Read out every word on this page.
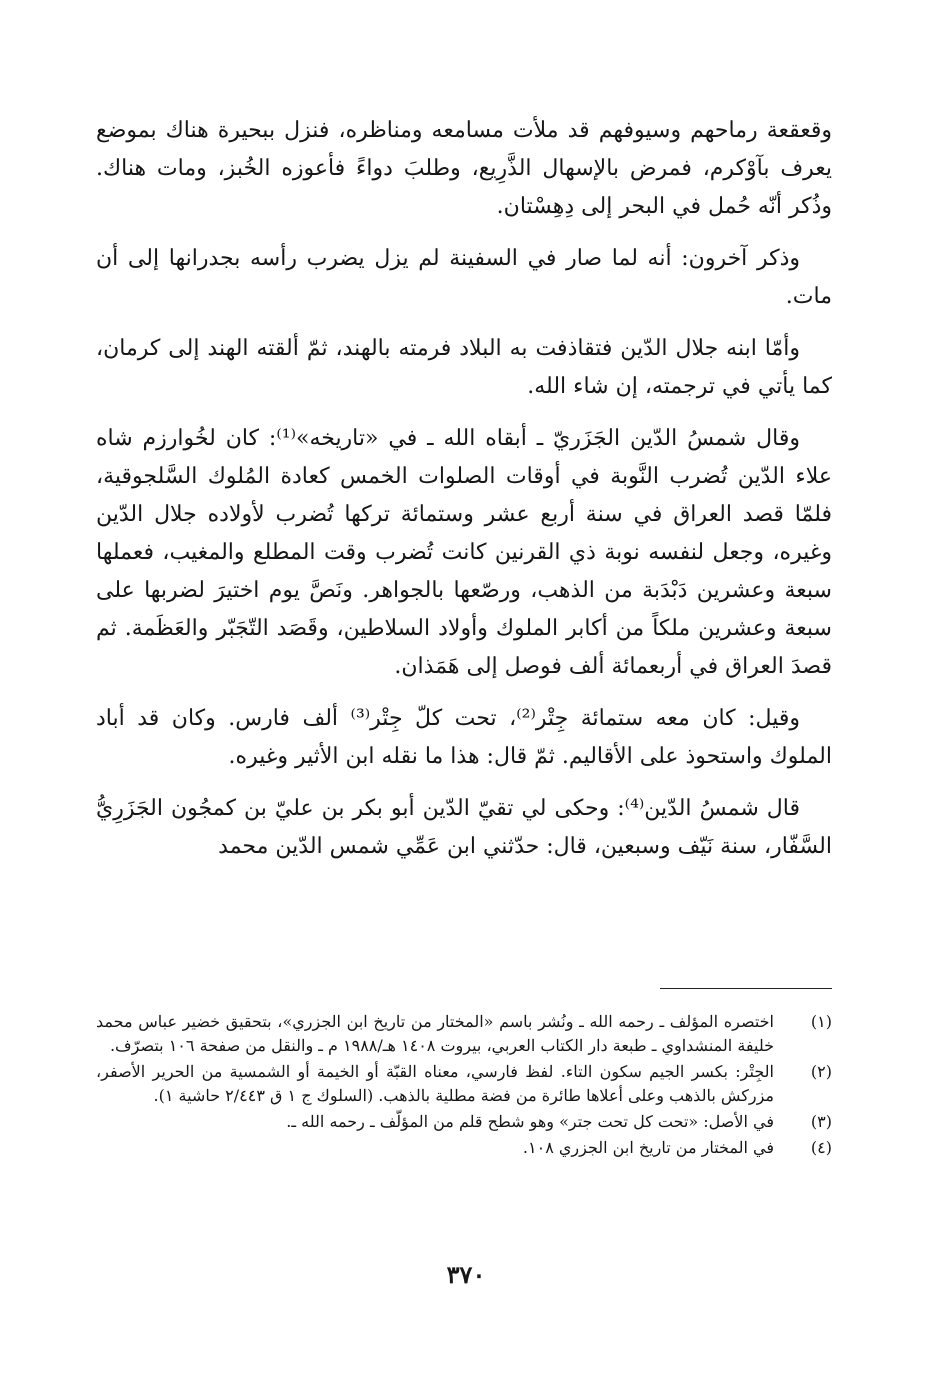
وقعقعة رماحهم وسيوفهم قد ملأت مسامعه ومناظره، فنزل ببحيرة هناك بموضع يعرف بآوْكرم، فمرض بالإسهال الذَّرِيع، وطلبَ دواءً فأعوزه الخُبز، ومات هناك. وذُكر أنّه حُمل في البحر إلى دِهِسْتان.

وذكر آخرون: أنه لما صار في السفينة لم يزل يضرب رأسه بجدرانها إلى أن مات.

وأمّا ابنه جلال الدّين فتقاذفت به البلاد فرمته بالهند، ثمّ ألقته الهند إلى كرمان، كما يأتي في ترجمته، إن شاء الله.

وقال شمسُ الدّين الجَزَريّ ـ أبقاه الله ـ في «تاريخه»⁽¹⁾: كان لخُوارزم شاه علاء الدّين تُضرب النَّوبة في أوقات الصلوات الخمس كعادة المُلوك السَّلجوقية، فلمّا قصد العراق في سنة أربع عشر وستمائة تركها تُضرب لأولاده جلال الدّين وغيره، وجعل لنفسه نوبة ذي القرنين كانت تُضرب وقت المطلع والمغيب، فعملها سبعة وعشرين دَبْدَبة من الذهب، ورصّعها بالجواهر. ونَصَّ يوم اختيرَ لضربها على سبعة وعشرين ملكاً من أكابر الملوك وأولاد السلاطين، وقَصَد التّجَبّر والعَظَمة. ثم قصدَ العراق في أربعمائة ألف فوصل إلى هَمَذان.

وقيل: كان معه ستمائة جِتْر⁽²⁾، تحت كلّ جِتْر⁽³⁾ ألف فارس. وكان قد أباد الملوك واستحوذ على الأقاليم. ثمّ قال: هذا ما نقله ابن الأثير وغيره.

قال شمسُ الدّين⁽⁴⁾: وحكى لي تقيّ الدّين أبو بكر بن عليّ بن كمجُون الجَزَرِيُّ السَّفّار، سنة نَيّف وسبعين، قال: حدّثني ابن عَمِّي شمس الدّين محمد

(١)
اختصره المؤلف ـ رحمه الله ـ ونُشر باسم «المختار من تاريخ ابن الجزري»، بتحقيق خضير عباس محمد خليفة المنشداوي ـ طبعة دار الكتاب العربي، بيروت ١٤٠٨ هـ/١٩٨٨ م ـ والنقل من صفحة ١٠٦ بتصرّف.
(٢)
الجِتْر: بكسر الجيم سكون التاء. لفظ فارسي، معناه القبّة أو الخيمة أو الشمسية من الحرير الأصفر، مزركش بالذهب وعلى أعلاها طائرة من فضة مطلية بالذهب. (السلوك ج ١ ق ٢/٤٤٣ حاشية ١).
(٣)
في الأصل: «تحت كل تحت جتر» وهو شطح قلم من المؤلّف ـ رحمه الله ـ.
(٤)
في المختار من تاريخ ابن الجزري ١٠٨.
٣٧٠
